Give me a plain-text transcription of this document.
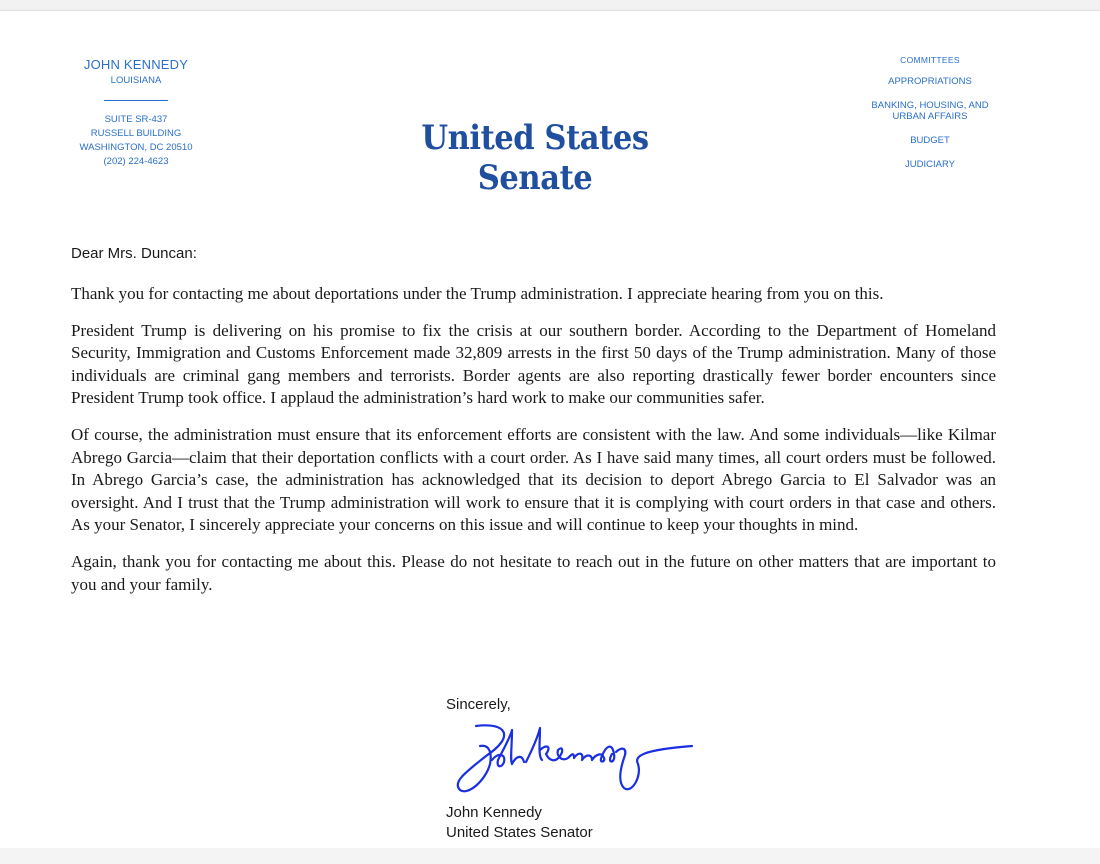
JOHN KENNEDY
LOUISIANA
SUITE SR-437
RUSSELL BUILDING
WASHINGTON, DC 20510
(202) 224-4623
United States Senate
COMMITTEES
APPROPRIATIONS
BANKING, HOUSING, AND URBAN AFFAIRS
BUDGET
JUDICIARY
Dear Mrs. Duncan:

Thank you for contacting me about deportations under the Trump administration. I appreciate hearing from you on this.

President Trump is delivering on his promise to fix the crisis at our southern border. According to the Department of Homeland Security, Immigration and Customs Enforcement made 32,809 arrests in the first 50 days of the Trump administration. Many of those individuals are criminal gang members and terrorists. Border agents are also reporting drastically fewer border encounters since President Trump took office. I applaud the administration’s hard work to make our communities safer.

Of course, the administration must ensure that its enforcement efforts are consistent with the law. And some individuals—like Kilmar Abrego Garcia—claim that their deportation conflicts with a court order. As I have said many times, all court orders must be followed. In Abrego Garcia’s case, the administration has acknowledged that its decision to deport Abrego Garcia to El Salvador was an oversight. And I trust that the Trump administration will work to ensure that it is complying with court orders in that case and others. As your Senator, I sincerely appreciate your concerns on this issue and will continue to keep your thoughts in mind.

Again, thank you for contacting me about this. Please do not hesitate to reach out in the future on other matters that are important to you and your family.

Sincerely,
John Kennedy
United States Senator
